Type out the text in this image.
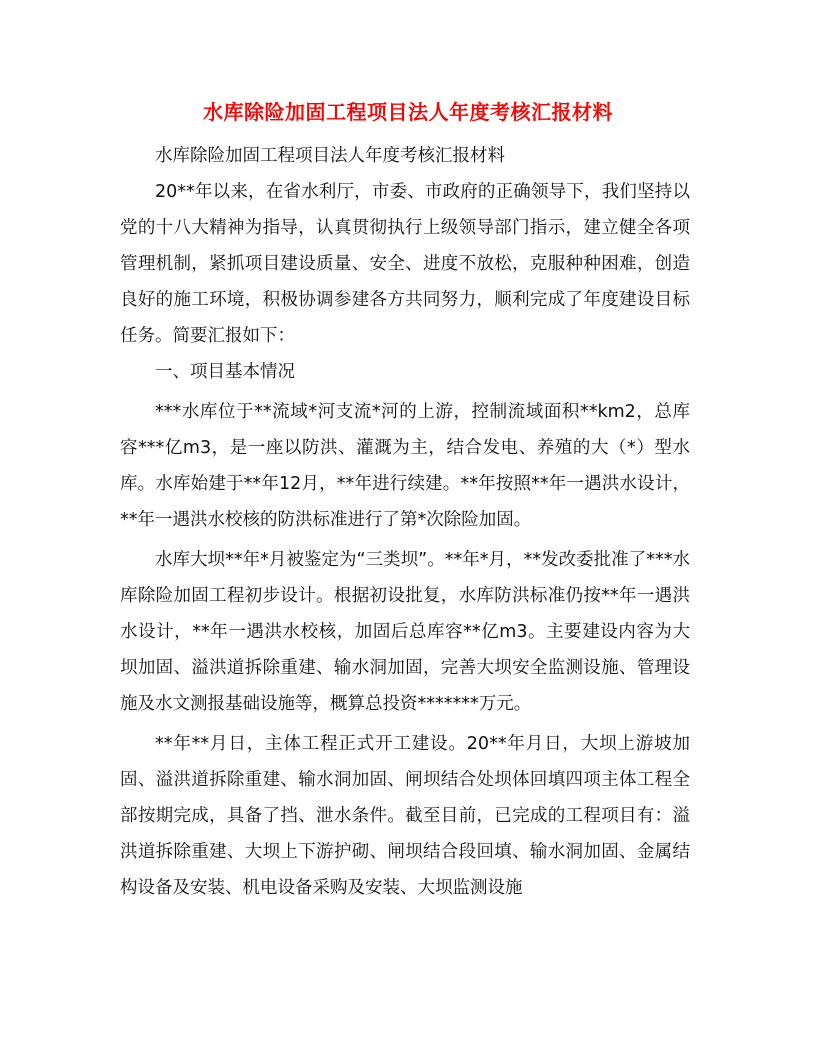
水库除险加固工程项目法人年度考核汇报材料

水库除险加固工程项目法人年度考核汇报材料

20**年以来，在省水利厅，市委、市政府的正确领导下，我们坚持以党的十八大精神为指导，认真贯彻执行上级领导部门指示，建立健全各项管理机制，紧抓项目建设质量、安全、进度不放松，克服种种困难，创造良好的施工环境，积极协调参建各方共同努力，顺利完成了年度建设目标任务。简要汇报如下：

一、项目基本情况

***水库位于**流域*河支流*河的上游，控制流域面积**km2，总库容***亿m3，是一座以防洪、灌溉为主，结合发电、养殖的大（*）型水库。水库始建于**年12月，**年进行续建。**年按照**年一遇洪水设计，**年一遇洪水校核的防洪标准进行了第*次除险加固。

水库大坝**年*月被鉴定为“三类坝”。**年*月，**发改委批准了***水库除险加固工程初步设计。根据初设批复，水库防洪标准仍按**年一遇洪水设计，**年一遇洪水校核，加固后总库容**亿m3。主要建设内容为大坝加固、溢洪道拆除重建、输水洞加固，完善大坝安全监测设施、管理设施及水文测报基础设施等，概算总投资*******万元。

**年**月日，主体工程正式开工建设。20**年月日，大坝上游坡加固、溢洪道拆除重建、输水洞加固、闸坝结合处坝体回填四项主体工程全部按期完成，具备了挡、泄水条件。截至目前，已完成的工程项目有：溢洪道拆除重建、大坝上下游护砌、闸坝结合段回填、输水洞加固、金属结构设备及安装、机电设备采购及安装、大坝监测设施
